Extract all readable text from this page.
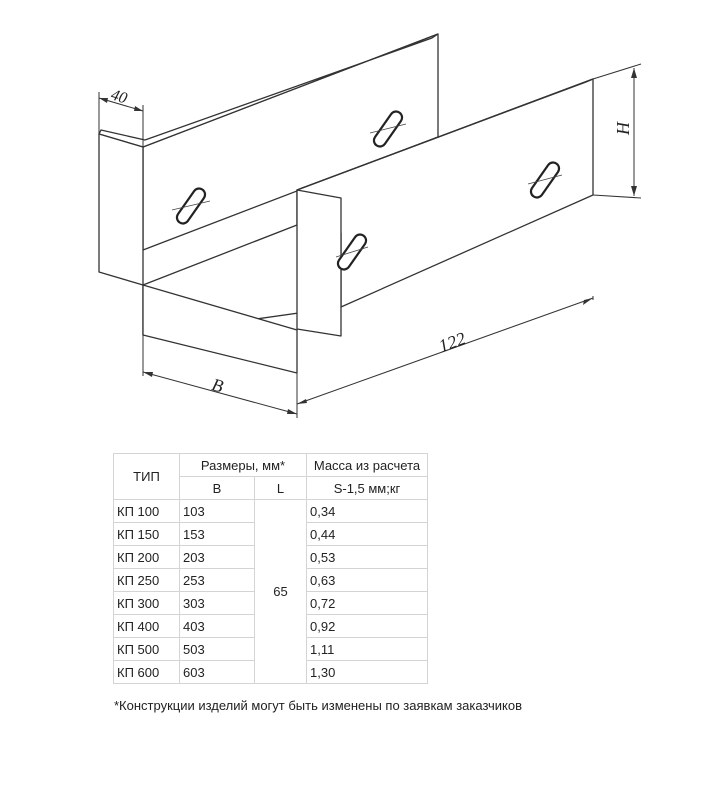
40
H
122
B
ТИП	Размеры, мм*		Масса из расчета
	B	L	S-1,5 мм;кг
КП 100	103	65	0,34
КП 150	153		0,44
КП 200	203		0,53
КП 250	253		0,63
КП 300	303		0,72
КП 400	403		0,92
КП 500	503		1,11
КП 600	603		1,30
*Конструкции изделий могут быть изменены по заявкам заказчиков
